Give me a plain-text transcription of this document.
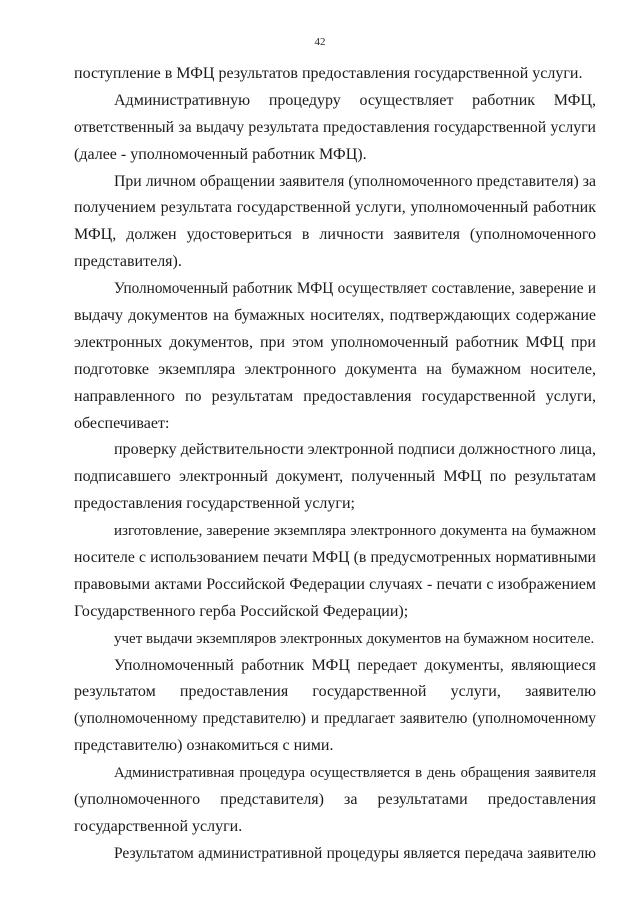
42
поступление в МФЦ результатов предоставления государственной услуги.
Административную процедуру осуществляет работник МФЦ,
ответственный за выдачу результата предоставления государственной услуги
(далее - уполномоченный работник МФЦ).
При личном обращении заявителя (уполномоченного представителя) за
получением результата государственной услуги, уполномоченный работник
МФЦ, должен удостовериться в личности заявителя (уполномоченного
представителя).
Уполномоченный работник МФЦ осуществляет составление, заверение и
выдачу документов на бумажных носителях, подтверждающих содержание
электронных документов, при этом уполномоченный работник МФЦ при
подготовке экземпляра электронного документа на бумажном носителе,
направленного по результатам предоставления государственной услуги,
обеспечивает:
проверку действительности электронной подписи должностного лица,
подписавшего электронный документ, полученный МФЦ по результатам
предоставления государственной услуги;
изготовление, заверение экземпляра электронного документа на бумажном
носителе с использованием печати МФЦ (в предусмотренных нормативными
правовыми актами Российской Федерации случаях - печати с изображением
Государственного герба Российской Федерации);
учет выдачи экземпляров электронных документов на бумажном носителе.
Уполномоченный работник МФЦ передает документы, являющиеся
результатом предоставления государственной услуги, заявителю
(уполномоченному представителю) и предлагает заявителю (уполномоченному
представителю) ознакомиться с ними.
Административная процедура осуществляется в день обращения заявителя
(уполномоченного представителя) за результатами предоставления
государственной услуги.
Результатом административной процедуры является передача заявителю
